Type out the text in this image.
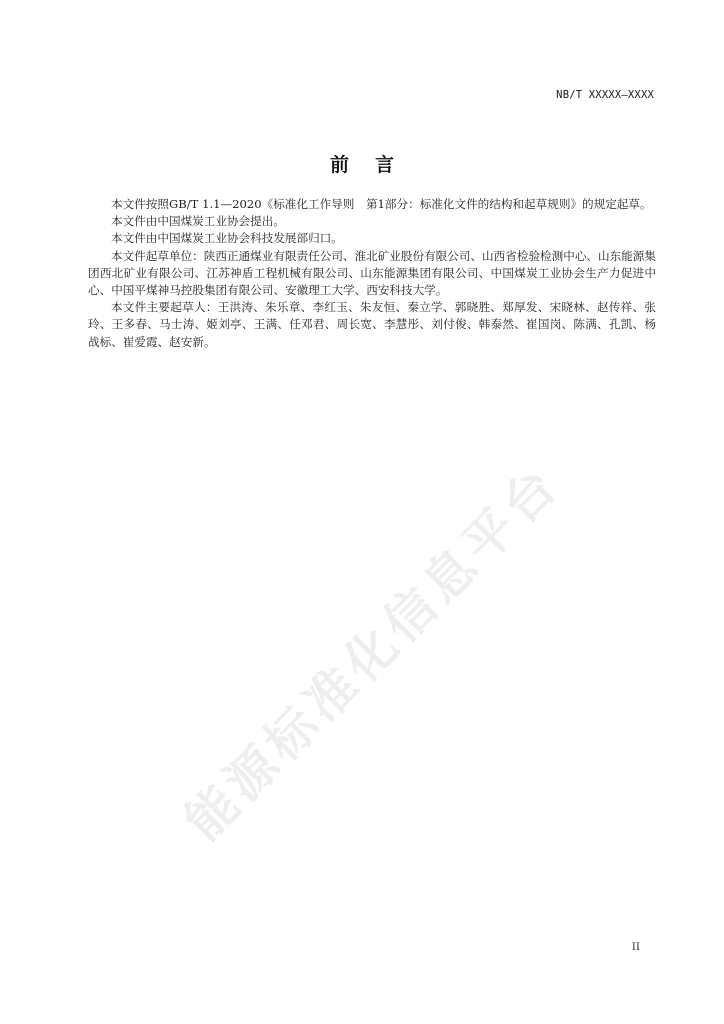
NB/T XXXXX—XXXX
前言

本文件按照GB/T 1.1—2020《标准化工作导则　第1部分：标准化文件的结构和起草规则》的规定起草。

本文件由中国煤炭工业协会提出。

本文件由中国煤炭工业协会科技发展部归口。

本文件起草单位：陕西正通煤业有限责任公司、淮北矿业股份有限公司、山西省检验检测中心、山东能源集团西北矿业有限公司、江苏神盾工程机械有限公司、山东能源集团有限公司、中国煤炭工业协会生产力促进中心、中国平煤神马控股集团有限公司、安徽理工大学、西安科技大学。

本文件主要起草人：王洪涛、朱乐章、李红玉、朱友恒、秦立学、郭晓胜、郑厚发、宋晓林、赵传祥、张玲、王多春、马士涛、姬刘亭、王满、任邓君、周长宽、李慧彤、刘付俊、韩泰然、崔国岗、陈满、孔凯、杨战标、崔爱霞、赵安新。

能源标准化信息平台
II
